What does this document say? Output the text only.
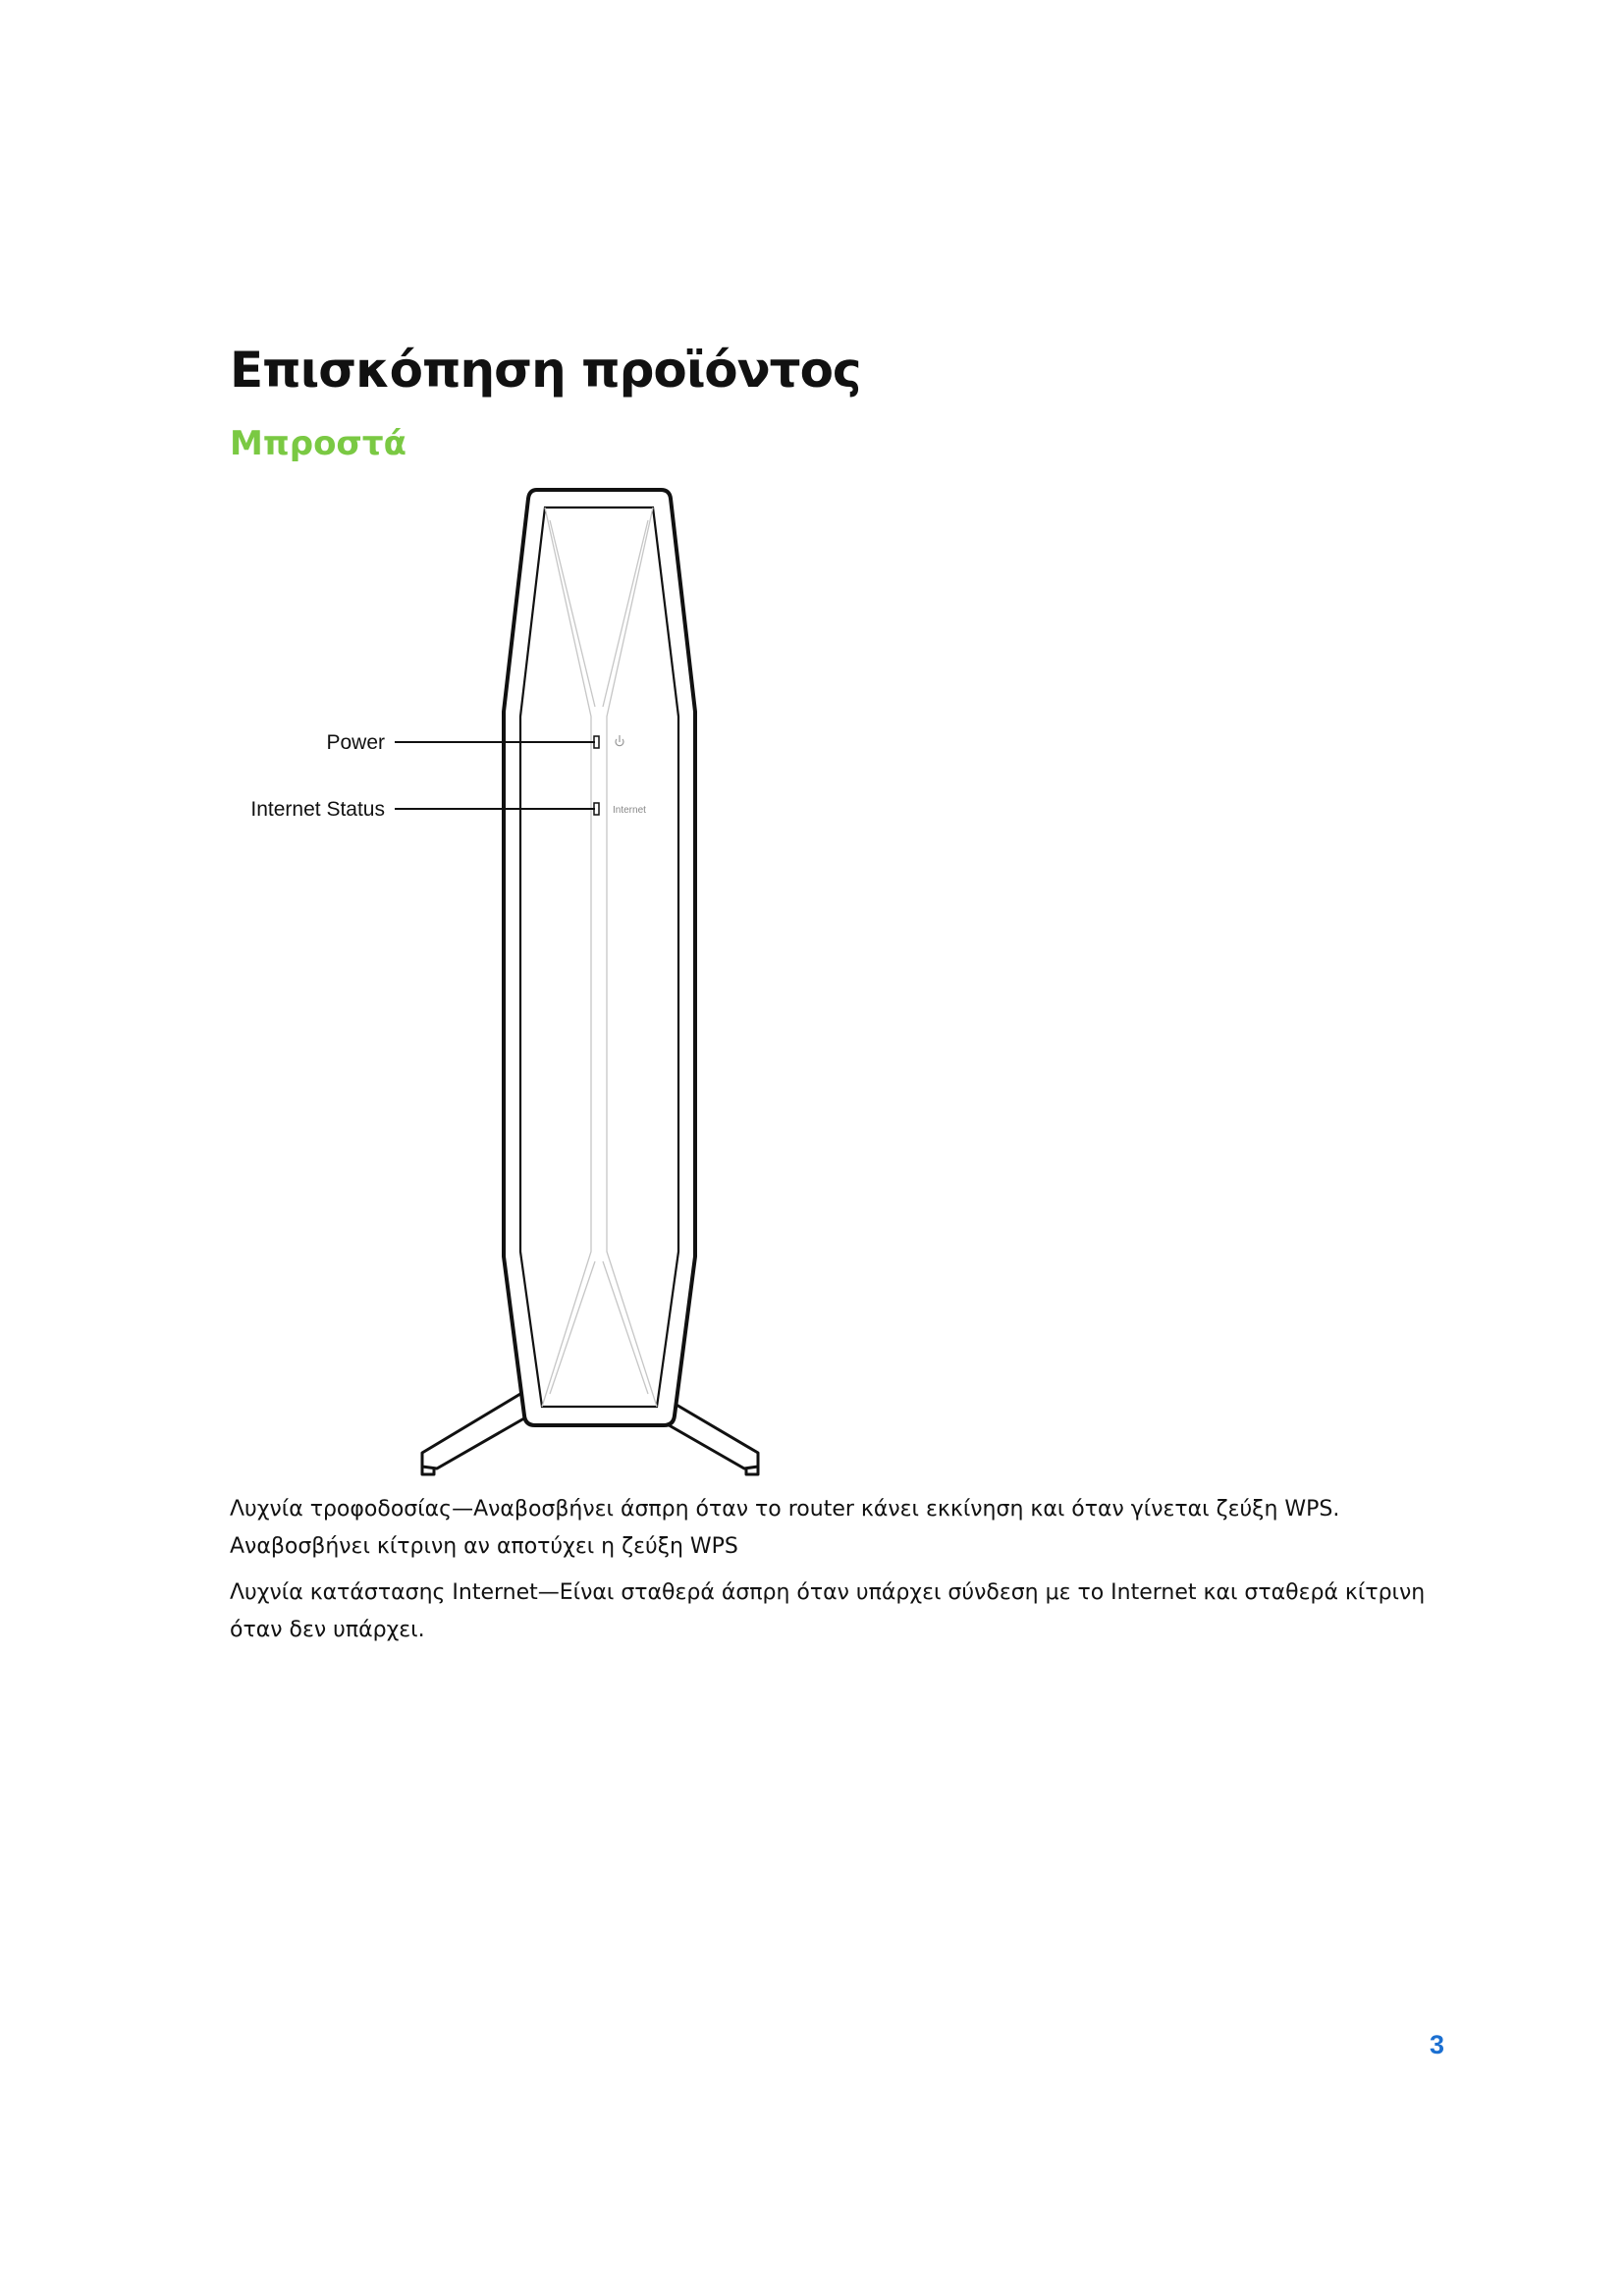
Επισκόπηση προϊόντος
Μπροστά
Internet
Power
Internet Status

Λυχνία τροφοδοσίας—Αναβοσβήνει άσπρη όταν το router κάνει εκκίνηση και όταν γίνεται ζεύξη WPS. Αναβοσβήνει κίτρινη αν αποτύχει η ζεύξη WPS

Λυχνία κατάστασης Internet—Είναι σταθερά άσπρη όταν υπάρχει σύνδεση με το Internet και σταθερά κίτρινη όταν δεν υπάρχει.

3
